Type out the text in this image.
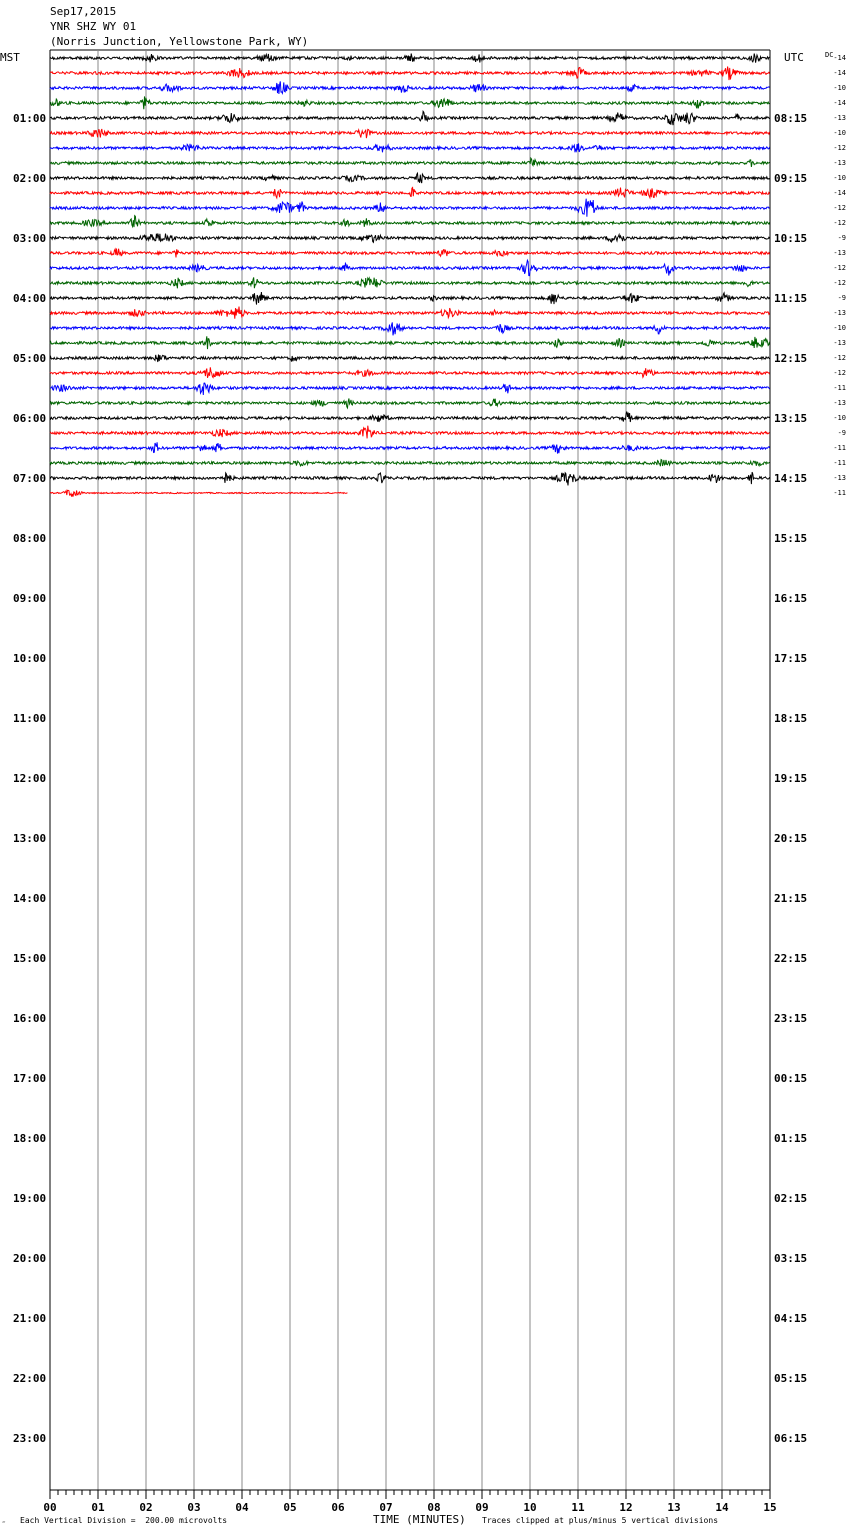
Sep17,2015
YNR SHZ WY 01
(Norris Junction, Yellowstone Park, WY)
01:00
02:00
03:00
04:00
05:00
06:00
07:00
08:00
09:00
10:00
11:00
12:00
13:00
14:00
15:00
16:00
17:00
18:00
19:00
20:00
21:00
22:00
23:00
08:15
09:15
10:15
11:15
12:15
13:15
14:15
15:15
16:15
17:15
18:15
19:15
20:15
21:15
22:15
23:15
00:15
01:15
02:15
03:15
04:15
05:15
06:15
-14
-14
-10
-14
-13
-10
-12
-13
-10
-14
-12
-12
-9
-13
-12
-12
-9
-13
-10
-13
-12
-12
-11
-13
-10
-9
-11
-11
-13
-11
00	01	02	03	04	05	06	07	08	09	10	11	12	13	14	15
MST	UTC	DC
TIME (MINUTES)
‴ Each Vertical Division =  200.00 microvolts	Traces clipped at plus/minus 5 vertical divisions
